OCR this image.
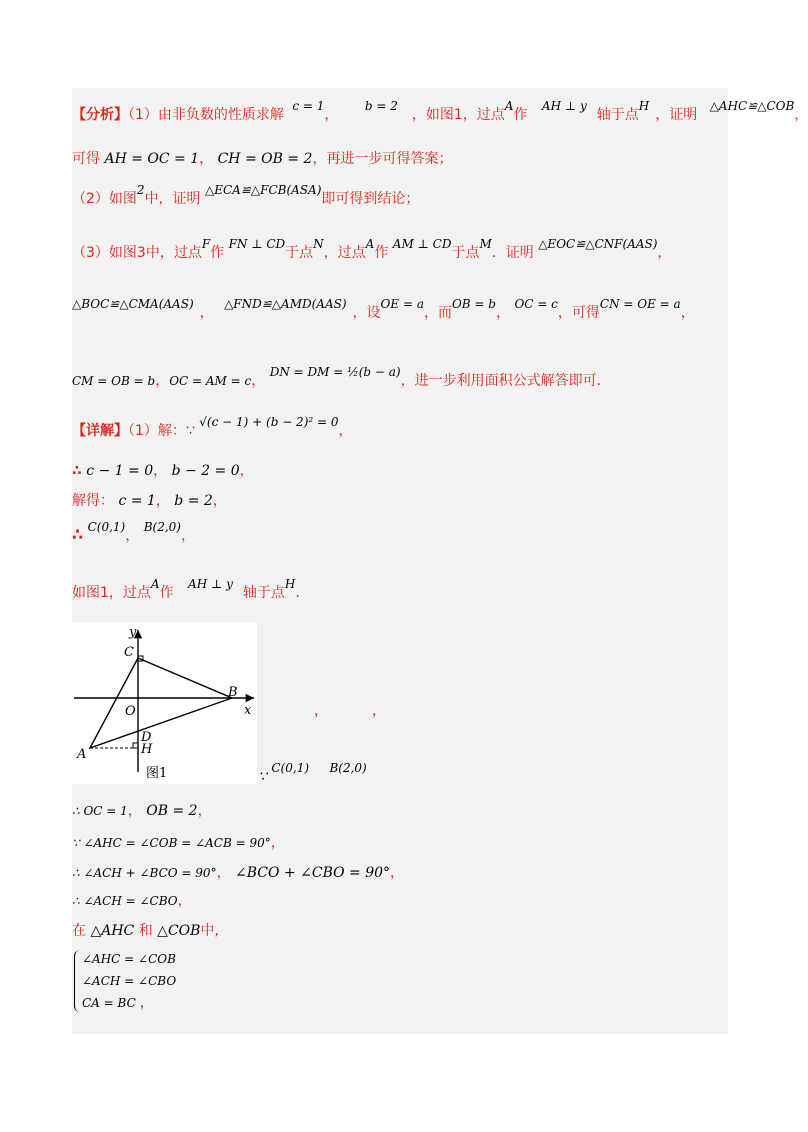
【分析】（1）由非负数的性质求解 c = 1， b = 2，如图1，过点A作 AH ⊥ y轴于点H，证明 △AHC≌△COB，
可得 AH = OC = 1， CH = OB = 2，再进一步可得答案；
（2）如图2中，证明 △ECA≌△FCB(ASA)即可得到结论；
（3）如图3中，过点F作 FN ⊥ CD于点N，过点A作 AM ⊥ CD于点M．证明 △EOC≌△CNF(AAS)，
△BOC≌△CMA(AAS)， △FND≌△AMD(AAS)，设OE = a，而OB = b， OC = c，可得CN = OE = a，
CM = OB = b，OC = AM = c， DN = DM = ½(b − a)，进一步利用面积公式解答即可.
【详解】（1）解：∵ √(c − 1) + (b − 2)² = 0，
∴ c − 1 = 0， b − 2 = 0，
解得： c = 1， b = 2，
∴ C(0,1)， B(2,0)，
如图1，过点A作 AH ⊥ y轴于点H.
y
x
C
B
O
D
A	H
图1
，	，
∵ C(0,1) B(2,0)
∴ OC = 1， OB = 2，
∵ ∠AHC = ∠COB = ∠ACB = 90°，
∴ ∠ACH + ∠BCO = 90°， ∠BCO + ∠CBO = 90°，
∴ ∠ACH = ∠CBO，
在 △AHC 和 △COB中,
∠AHC = ∠COB
∠ACH = ∠CBO
CA = BC ，
